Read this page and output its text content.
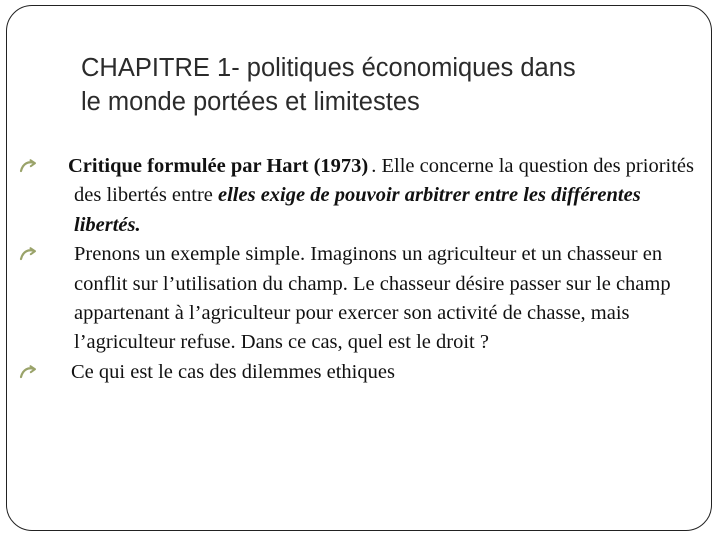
CHAPITRE 1- politiques économiques dans
le monde portées et limitestes

Critique formulée par Hart (1973) . Elle concerne la question des priorités des libertés entre elles exige de pouvoir arbitrer entre les différentes libertés.

Prenons un exemple simple. Imaginons un agriculteur et un chasseur en conflit sur l’utilisation du champ. Le chasseur désire passer sur le champ appartenant à l’agriculteur pour exercer son activité de chasse, mais l’agriculteur refuse. Dans ce cas, quel est le droit ?

Ce qui est le cas des dilemmes ethiques
